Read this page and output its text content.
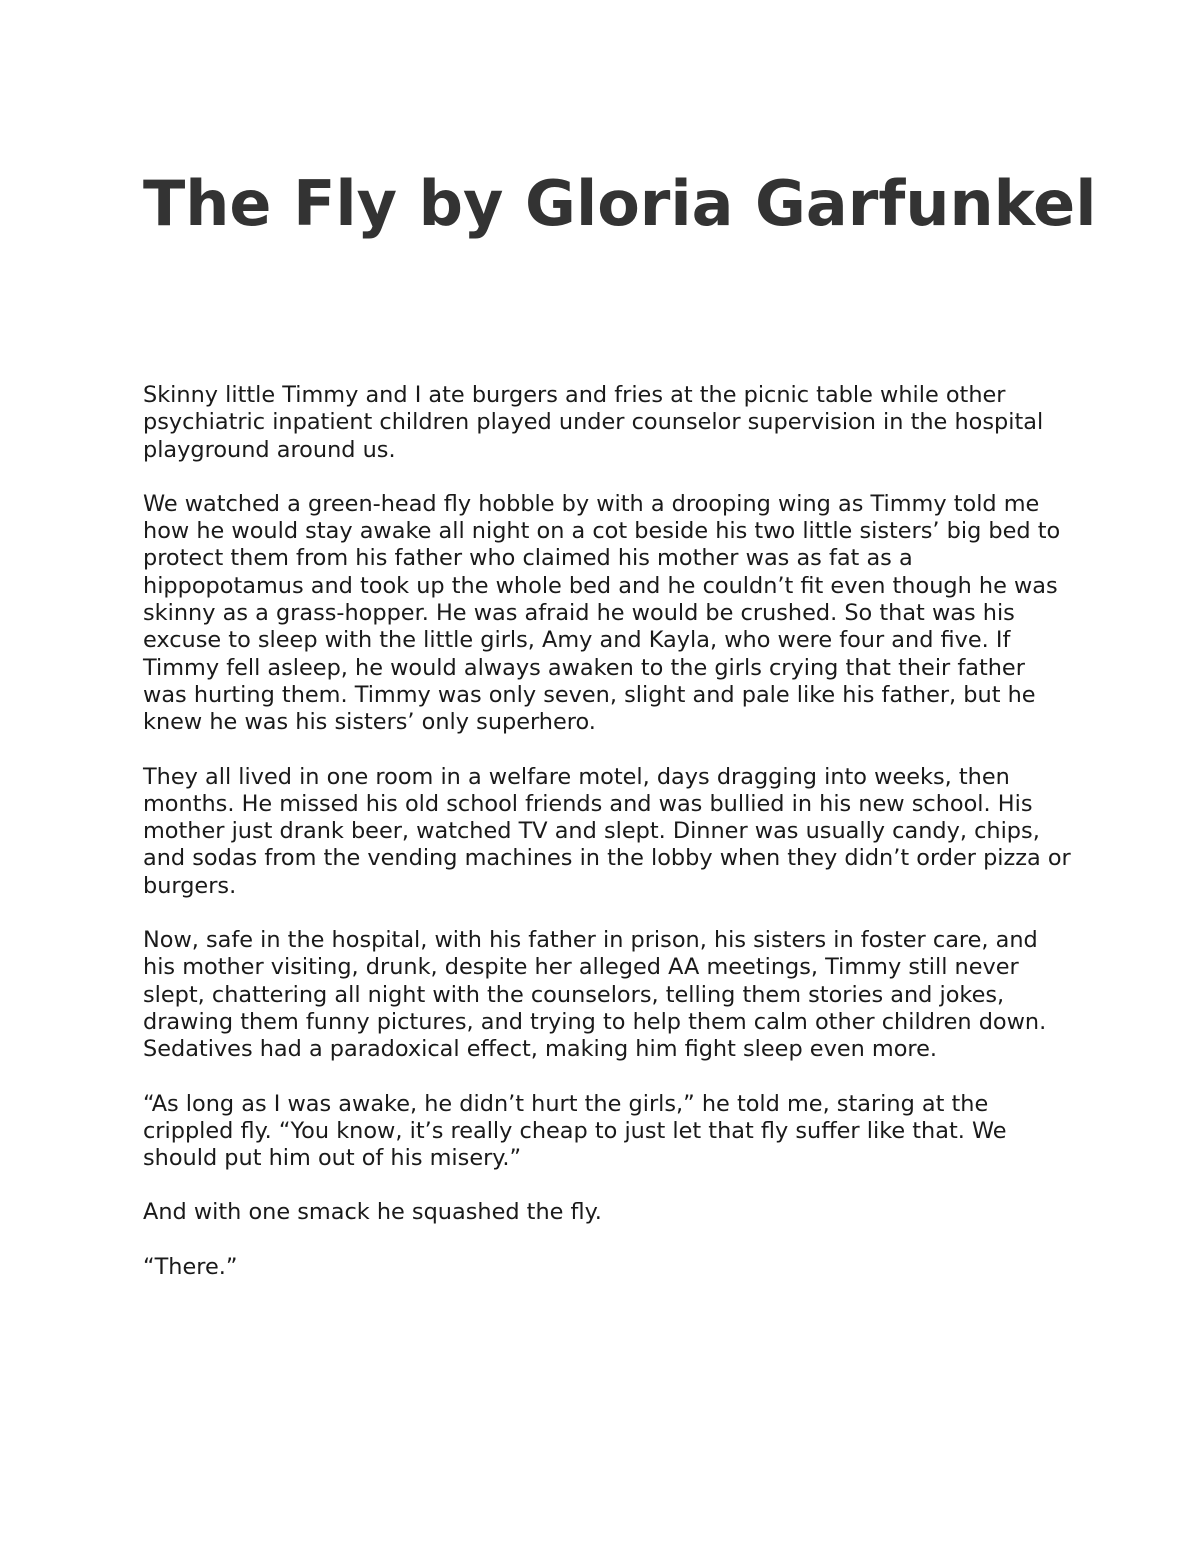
The Fly by Gloria Garfunkel

Skinny little Timmy and I ate burgers and fries at the picnic table while other psychiatric inpatient children played under counselor supervision in the hospital playground around us.

We watched a green-head fly hobble by with a drooping wing as Timmy told me how he would stay awake all night on a cot beside his two little sisters’ big bed to protect them from his father who claimed his mother was as fat as a hippopotamus and took up the whole bed and he couldn’t fit even though he was skinny as a grass-hopper. He was afraid he would be crushed. So that was his excuse to sleep with the little girls, Amy and Kayla, who were four and five. If Timmy fell asleep, he would always awaken to the girls crying that their father was hurting them. Timmy was only seven, slight and pale like his father, but he knew he was his sisters’ only superhero.

They all lived in one room in a welfare motel, days dragging into weeks, then months. He missed his old school friends and was bullied in his new school. His mother just drank beer, watched TV and slept. Dinner was usually candy, chips, and sodas from the vending machines in the lobby when they didn’t order pizza or burgers.

Now, safe in the hospital, with his father in prison, his sisters in foster care, and his mother visiting, drunk, despite her alleged AA meetings, Timmy still never slept, chattering all night with the counselors, telling them stories and jokes, drawing them funny pictures, and trying to help them calm other children down. Sedatives had a paradoxical effect, making him fight sleep even more.

“As long as I was awake, he didn’t hurt the girls,” he told me, staring at the crippled fly. “You know, it’s really cheap to just let that fly suffer like that. We should put him out of his misery.”

And with one smack he squashed the fly.

“There.”
